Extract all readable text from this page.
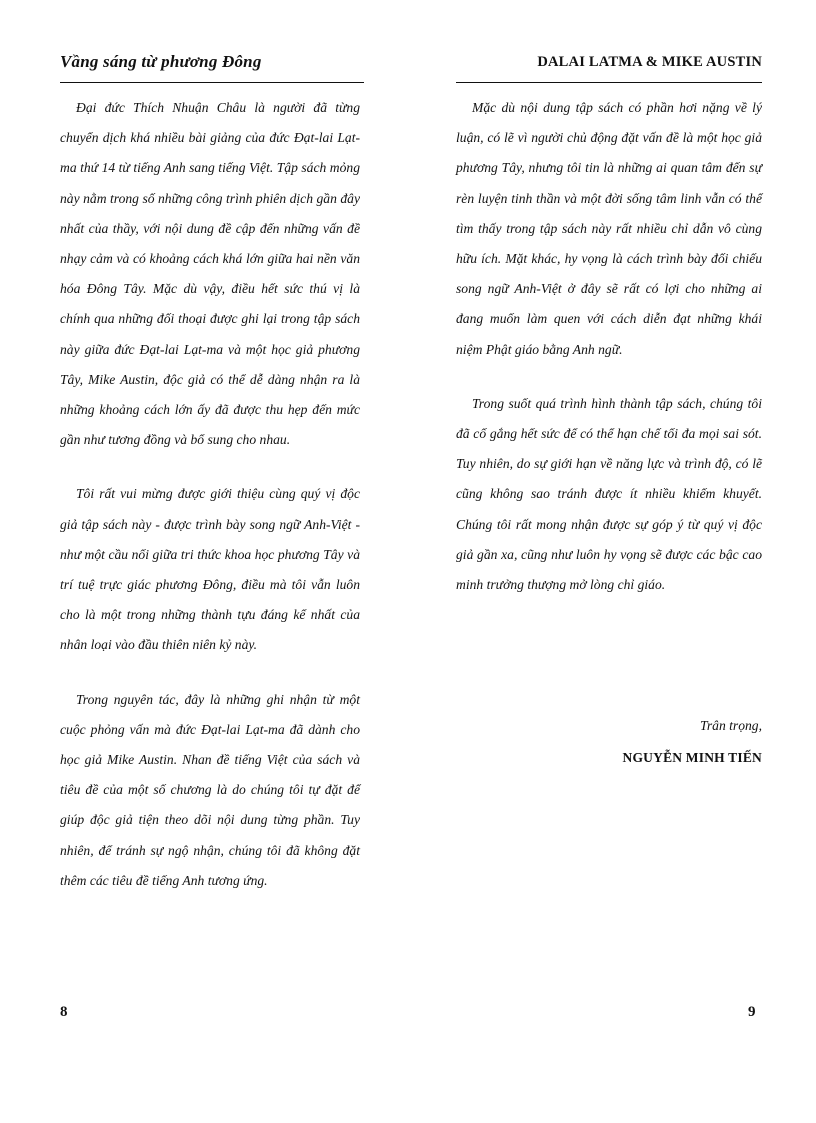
Vầng sáng từ phương Đông

Đại đức Thích Nhuận Châu là người đã từng chuyển dịch khá nhiều bài giảng của đức Đạt-lai Lạt-ma thứ 14 từ tiếng Anh sang tiếng Việt. Tập sách mỏng này nằm trong số những công trình phiên dịch gần đây nhất của thầy, với nội dung đề cập đến những vấn đề nhạy cảm và có khoảng cách khá lớn giữa hai nền văn hóa Đông Tây. Mặc dù vậy, điều hết sức thú vị là chính qua những đối thoại được ghi lại trong tập sách này giữa đức Đạt-lai Lạt-ma và một học giả phương Tây, Mike Austin, độc giả có thể dễ dàng nhận ra là những khoảng cách lớn ấy đã được thu hẹp đến mức gần như tương đồng và bổ sung cho nhau.

Tôi rất vui mừng được giới thiệu cùng quý vị độc giả tập sách này - được trình bày song ngữ Anh-Việt - như một cầu nối giữa tri thức khoa học phương Tây và trí tuệ trực giác phương Đông, điều mà tôi vẫn luôn cho là một trong những thành tựu đáng kể nhất của nhân loại vào đầu thiên niên kỷ này.

Trong nguyên tác, đây là những ghi nhận từ một cuộc phỏng vấn mà đức Đạt-lai Lạt-ma đã dành cho học giả Mike Austin. Nhan đề tiếng Việt của sách và tiêu đề của một số chương là do chúng tôi tự đặt để giúp độc giả tiện theo dõi nội dung từng phần. Tuy nhiên, để tránh sự ngộ nhận, chúng tôi đã không đặt thêm các tiêu đề tiếng Anh tương ứng.

8
DALAI LATMA & MIKE AUSTIN

Mặc dù nội dung tập sách có phần hơi nặng về lý luận, có lẽ vì người chủ động đặt vấn đề là một học giả phương Tây, nhưng tôi tin là những ai quan tâm đến sự rèn luyện tinh thần và một đời sống tâm linh vẫn có thể tìm thấy trong tập sách này rất nhiều chỉ dẫn vô cùng hữu ích. Mặt khác, hy vọng là cách trình bày đối chiếu song ngữ Anh-Việt ở đây sẽ rất có lợi cho những ai đang muốn làm quen với cách diễn đạt những khái niệm Phật giáo bằng Anh ngữ.

Trong suốt quá trình hình thành tập sách, chúng tôi đã cố gắng hết sức để có thể hạn chế tối đa mọi sai sót. Tuy nhiên, do sự giới hạn về năng lực và trình độ, có lẽ cũng không sao tránh được ít nhiều khiếm khuyết. Chúng tôi rất mong nhận được sự góp ý từ quý vị độc giả gần xa, cũng như luôn hy vọng sẽ được các bậc cao minh trưởng thượng mở lòng chỉ giáo.

Trân trọng,
NGUYỄN MINH TIẾN
9
